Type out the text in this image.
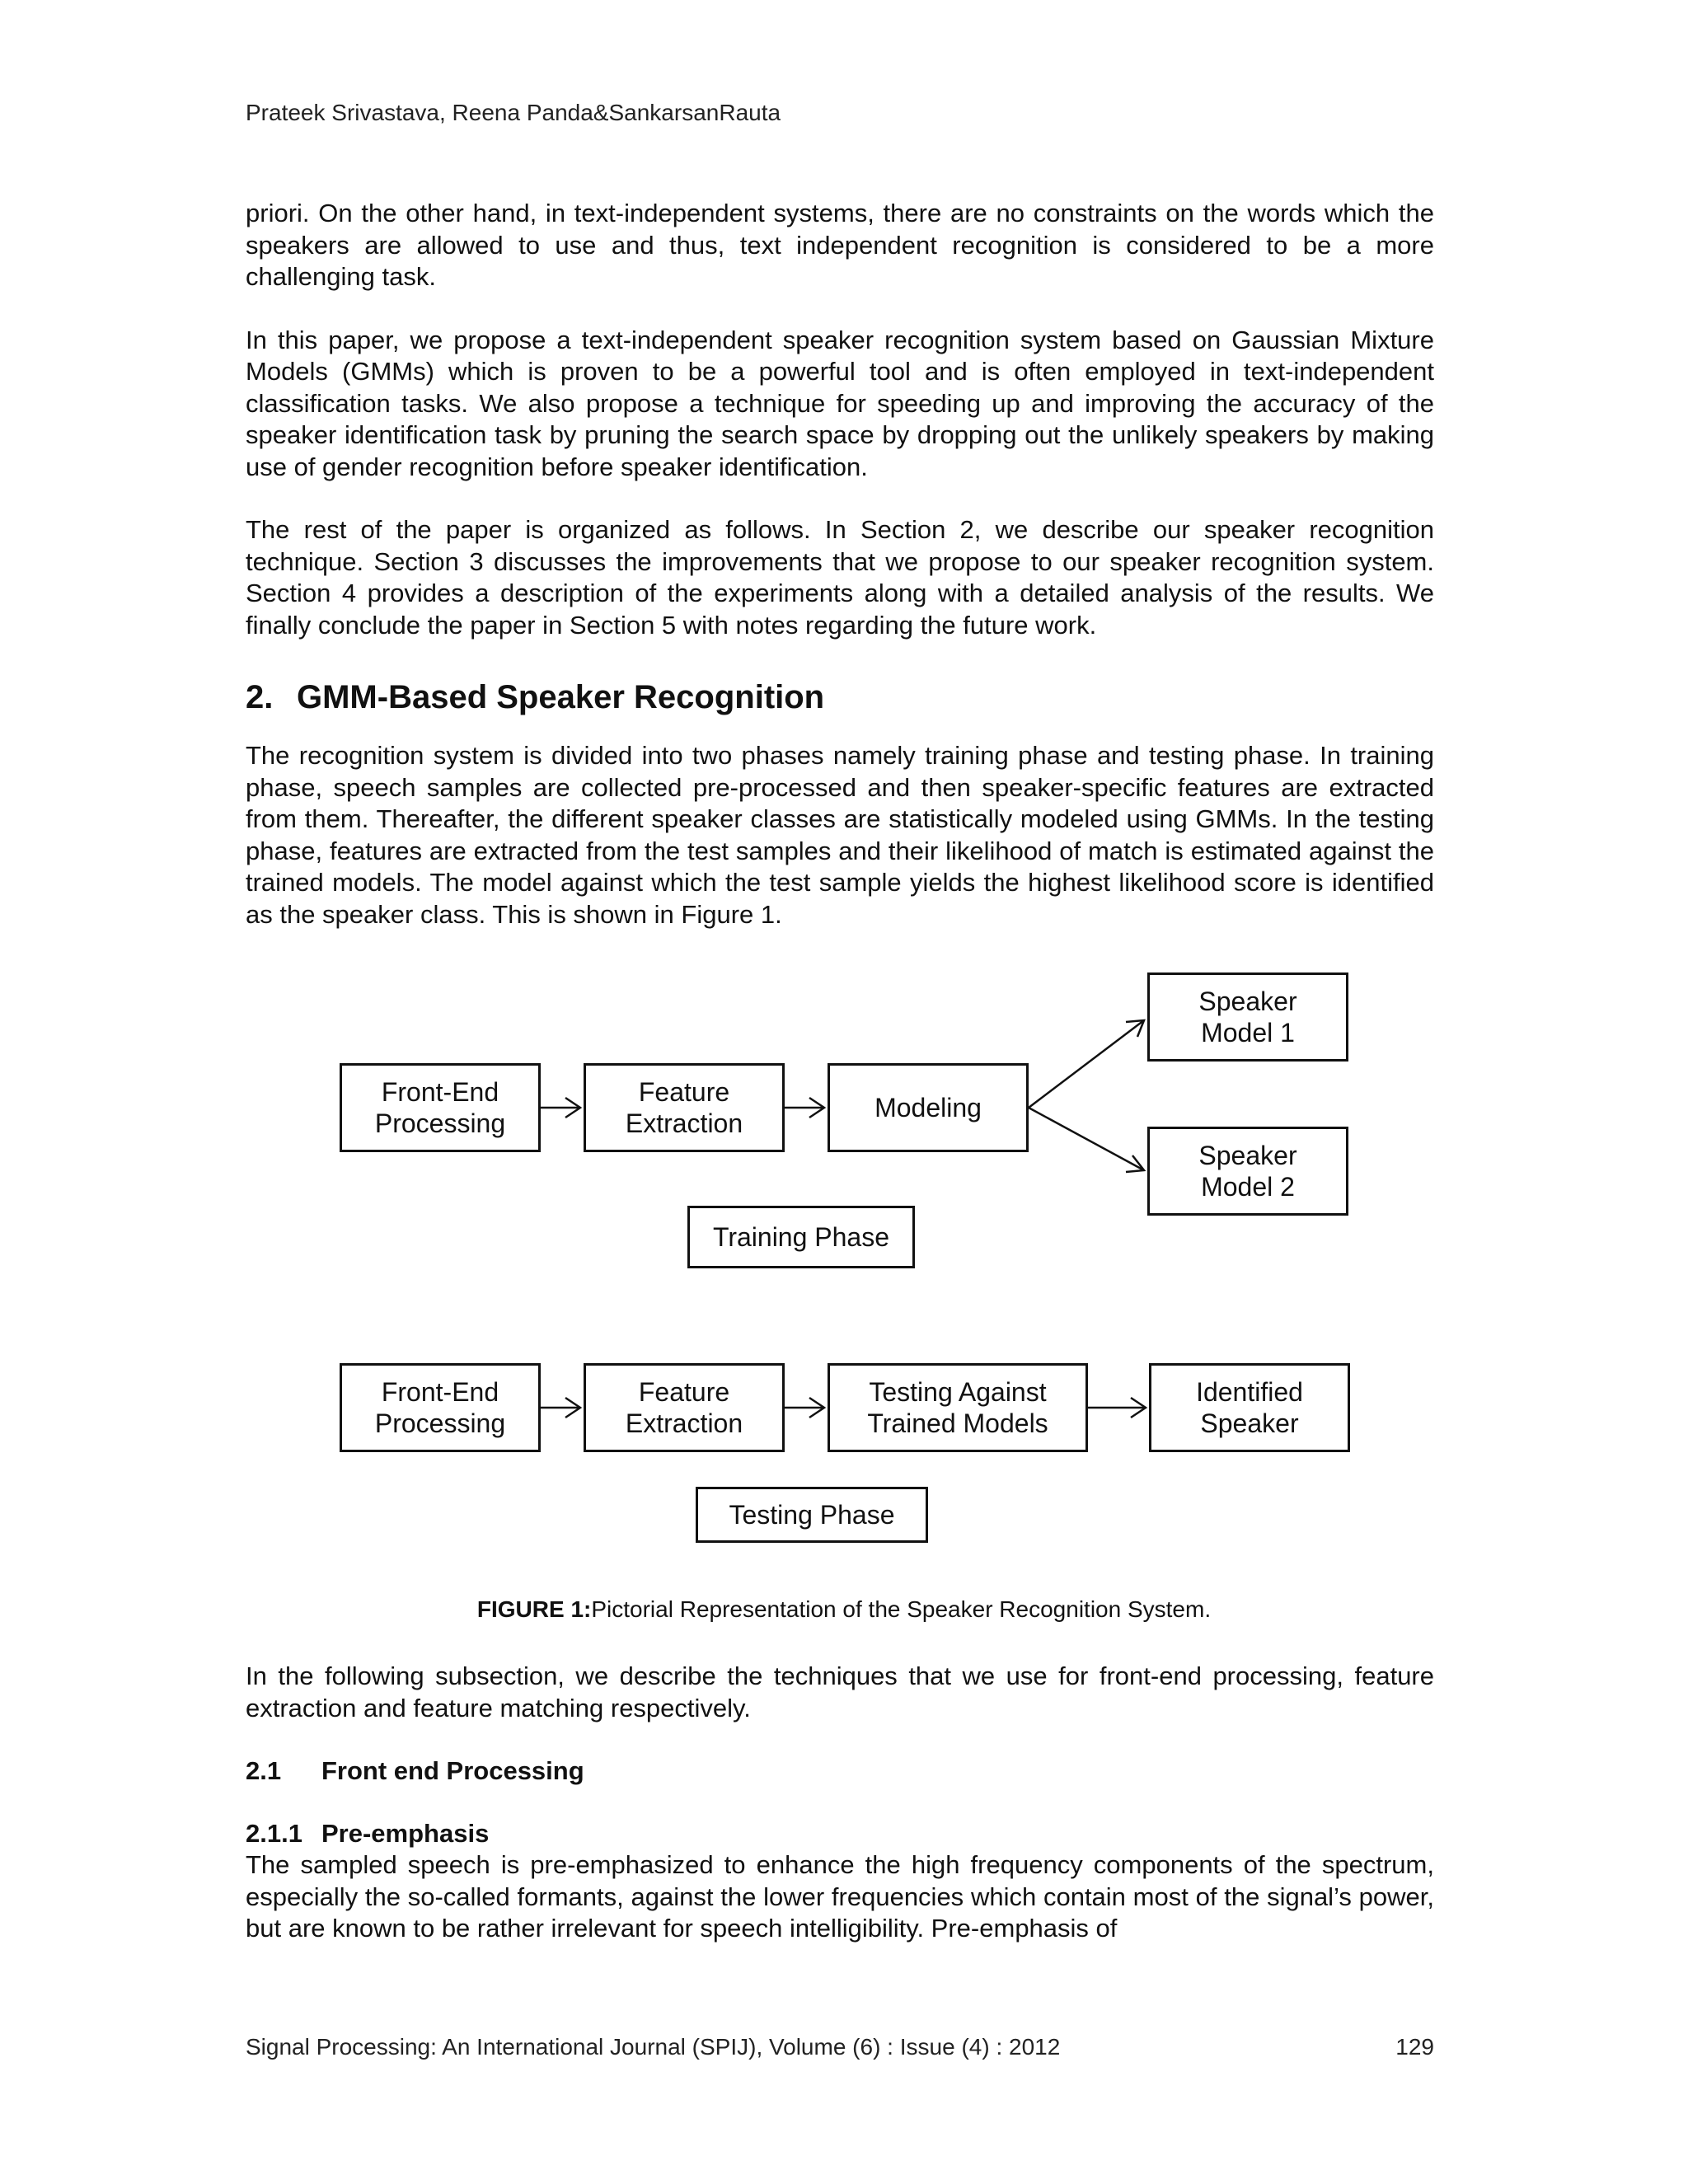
Prateek Srivastava, Reena Panda&SankarsanRauta

priori. On the other hand, in text-independent systems, there are no constraints on the words which the speakers are allowed to use and thus, text independent recognition is considered to be a more challenging task.

In this paper, we propose a text-independent speaker recognition system based on Gaussian Mixture Models (GMMs) which is proven to be a powerful tool and is often employed in text-independent classification tasks. We also propose a technique for speeding up and improving the accuracy of the speaker identification task by pruning the search space by dropping out the unlikely speakers by making use of gender recognition before speaker identification.

The rest of the paper is organized as follows. In Section 2, we describe our speaker recognition technique. Section 3 discusses the improvements that we propose to our speaker recognition system. Section 4 provides a description of the experiments along with a detailed analysis of the results. We finally conclude the paper in Section 5 with notes regarding the future work.

2. GMM-Based Speaker Recognition

The recognition system is divided into two phases namely training phase and testing phase. In training phase, speech samples are collected pre-processed and then speaker-specific features are extracted from them. Thereafter, the different speaker classes are statistically modeled using GMMs. In the testing phase, features are extracted from the test samples and their likelihood of match is estimated against the trained models. The model against which the test sample yields the highest likelihood score is identified as the speaker class. This is shown in Figure 1.

Front-End
Processing
Feature
Extraction
Modeling
Speaker
Model 1
Speaker
Model 2
Training Phase
Front-End
Processing
Feature
Extraction
Testing Against
Trained Models
Identified
Speaker
Testing Phase
FIGURE 1:Pictorial Representation of the Speaker Recognition System.

In the following subsection, we describe the techniques that we use for front-end processing, feature extraction and feature matching respectively.

2.1	Front end Processing
2.1.1 Pre-emphasis

The sampled speech is pre-emphasized to enhance the high frequency components of the spectrum, especially the so-called formants, against the lower frequencies which contain most of the signal’s power, but are known to be rather irrelevant for speech intelligibility. Pre-emphasis of

Signal Processing: An International Journal (SPIJ), Volume (6) : Issue (4) : 2012	129
